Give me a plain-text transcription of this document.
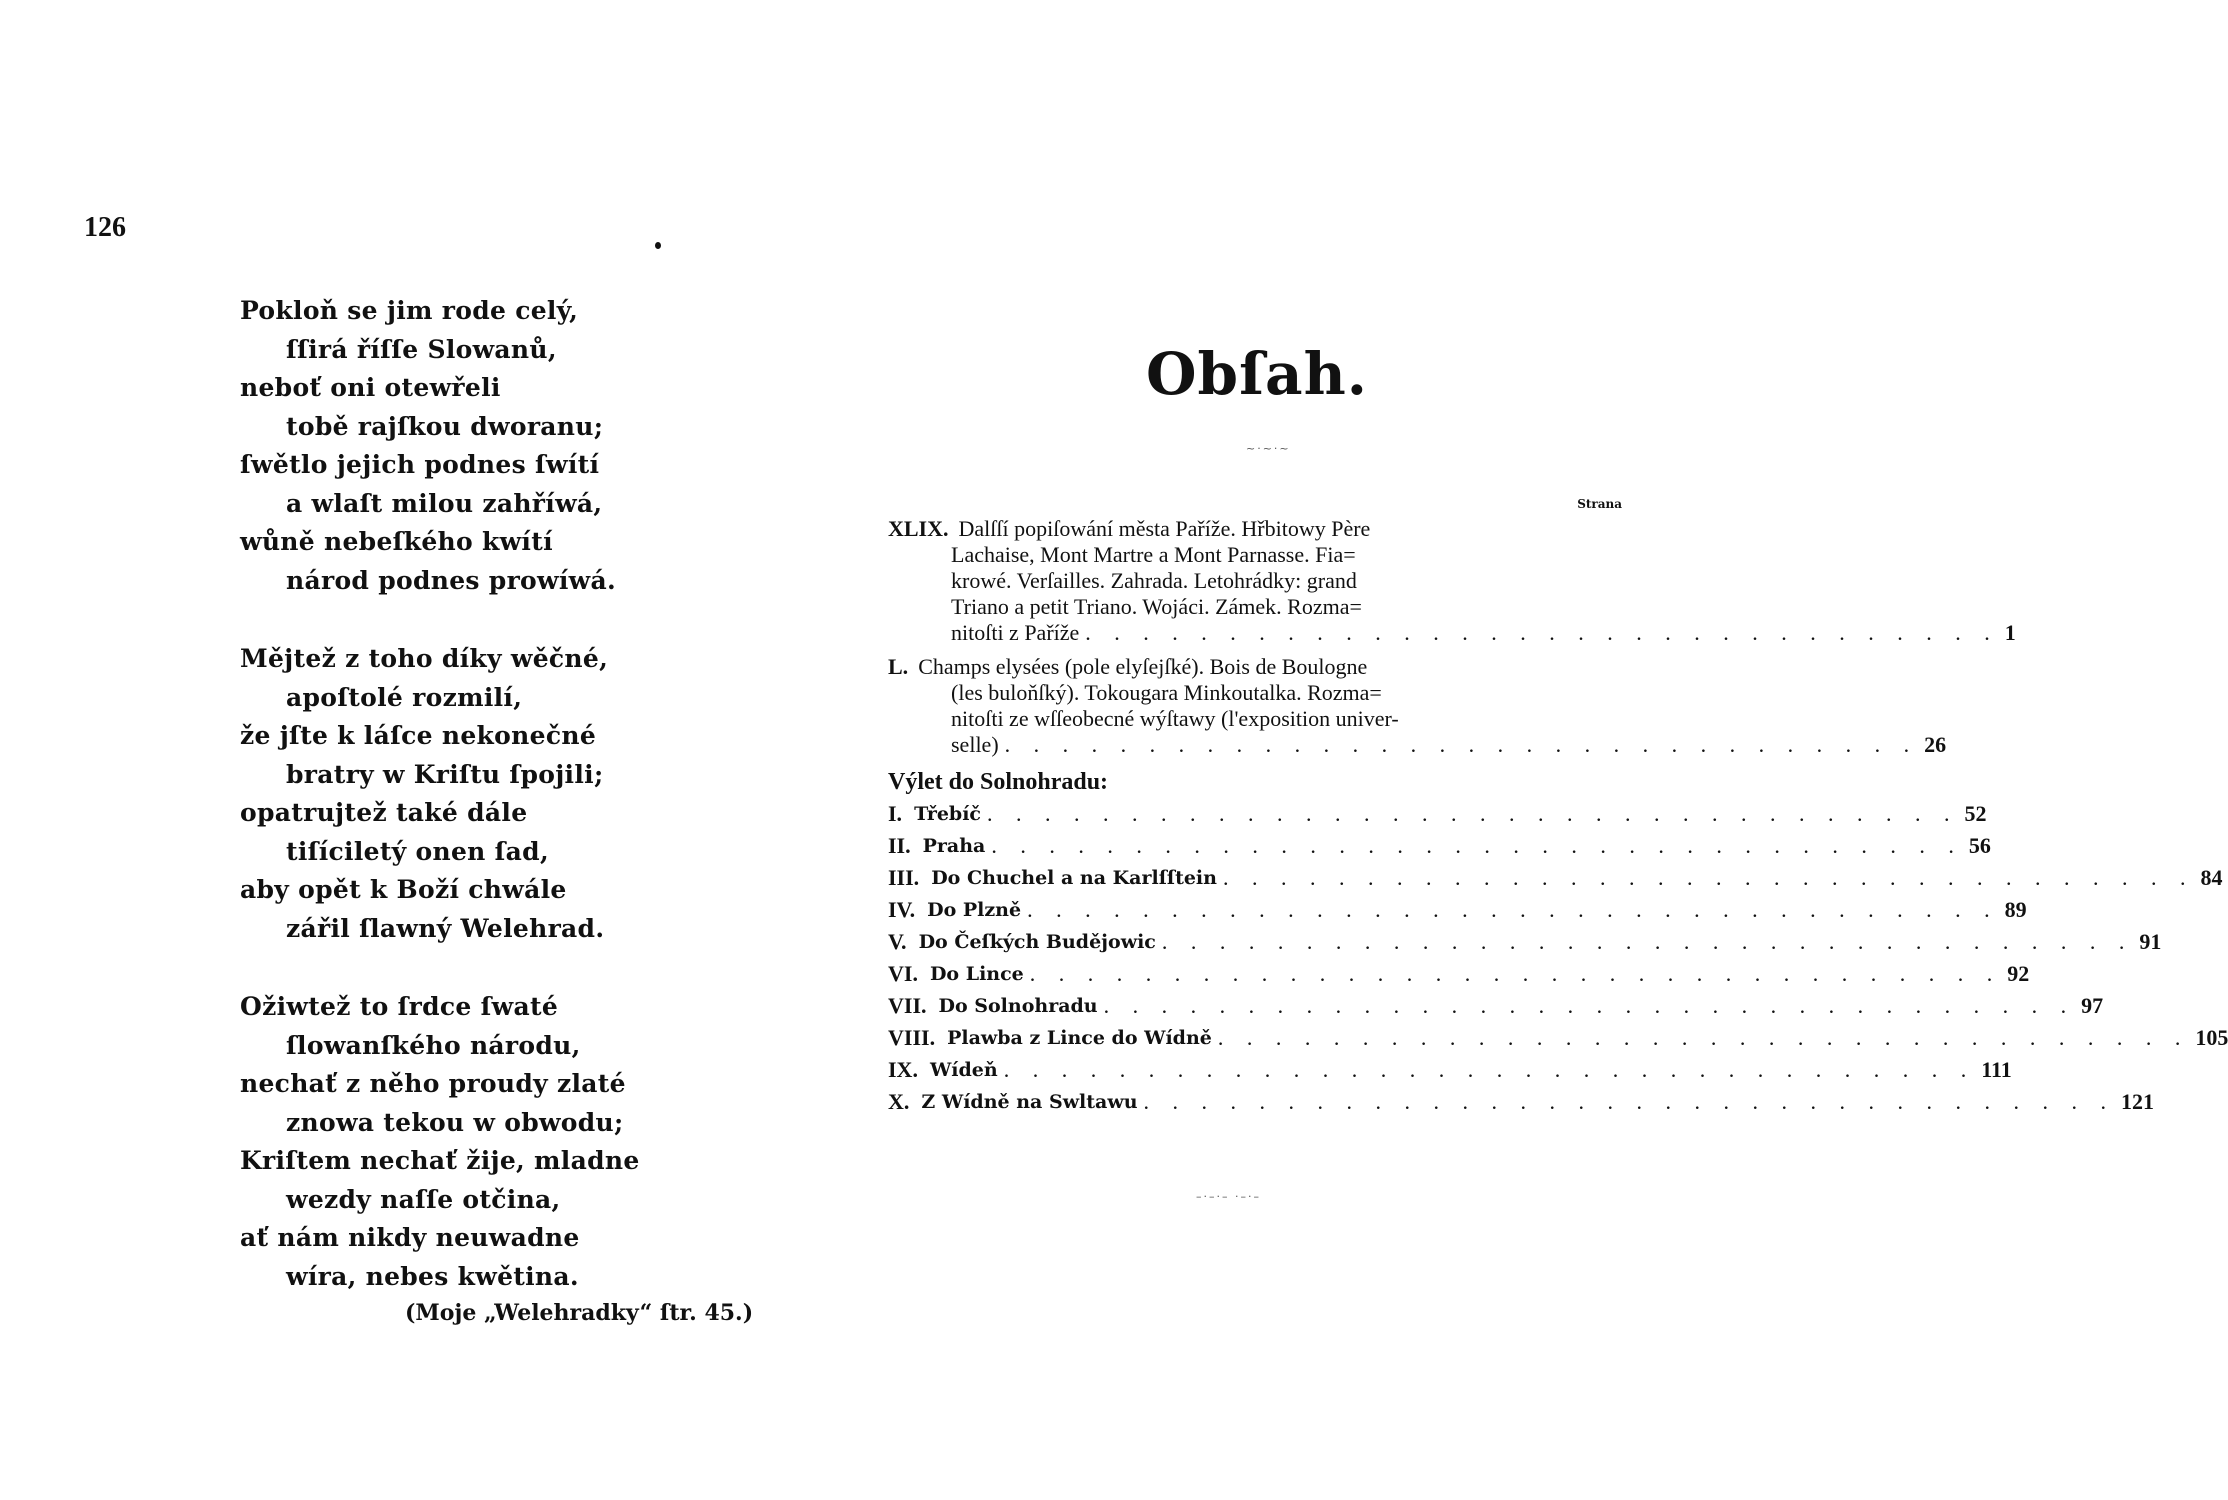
126
Pokloň se jim rode celý,
ſſirá říſſe Slowanů,
neboť oni otewřeli
tobě rajſkou dworanu;
ſwětlo jejich podnes ſwítí
a wlaſt milou zahříwá,
wůně nebeſkého kwítí
národ podnes prowíwá.
Mějtež z toho díky wěčné,
apoſtolé rozmilí,
že jſte k láſce nekonečné
bratry w Kriſtu ſpojili;
opatrujtež také dále
tiſíciletý onen ſad,
aby opět k Boží chwále
zářil ſlawný Welehrad.
Ožiwtež to ſrdce ſwaté
ſlowanſkého národu,
nechať z něho proudy zlaté
znowa tekou w obwodu;
Kriſtem nechať žije, mladne
wezdy naſſe otčina,
ať nám nikdy neuwadne
wíra, nebes kwětina.
(Moje „Welehradky“ ſtr. 45.)
Obſah.
~·~·~
Strana
XLIX. Dalſſí popiſowání města Paříže. Hřbitowy Père
Lachaise, Mont Martre a Mont Parnasse. Fia=
krowé. Verſailles. Zahrada. Letohrádky: grand
Triano a petit Triano. Wojáci. Zámek. Rozma=
nitoſti z Paříže . . . . . . . . . . . . . . . . . . . . . . . . . . . . . . . . 1
L. Champs elysées (pole elyſejſké). Bois de Boulogne
(les buloňſký). Tokougara Minkoutalka. Rozma=
nitoſti ze wſſeobecné wýſtawy (l'exposition univer-
selle) . . . . . . . . . . . . . . . . . . . . . . . . . . . . . . . . 26
Výlet do Solnohradu:
I. Třebíč . . . . . . . . . . . . . . . . . . . . . . . . . . . . . . . . . . 52
II. Praha . . . . . . . . . . . . . . . . . . . . . . . . . . . . . . . . . . 56
III. Do Chuchel a na Karlſſtein . . . . . . . . . . . . . . . . . . . . . . . . . . . . . . . . . . 84
IV. Do Plzně . . . . . . . . . . . . . . . . . . . . . . . . . . . . . . . . . . 89
V. Do Čeſkých Budějowic . . . . . . . . . . . . . . . . . . . . . . . . . . . . . . . . . . 91
VI. Do Lince . . . . . . . . . . . . . . . . . . . . . . . . . . . . . . . . . . 92
VII. Do Solnohradu . . . . . . . . . . . . . . . . . . . . . . . . . . . . . . . . . . 97
VIII. Plawba z Lince do Wídně . . . . . . . . . . . . . . . . . . . . . . . . . . . . . . . . . . 105
IX. Wídeň . . . . . . . . . . . . . . . . . . . . . . . . . . . . . . . . . . 111
X. Z Wídně na Swltawu . . . . . . . . . . . . . . . . . . . . . . . . . . . . . . . . . . 121
–·–·– ·–·–
